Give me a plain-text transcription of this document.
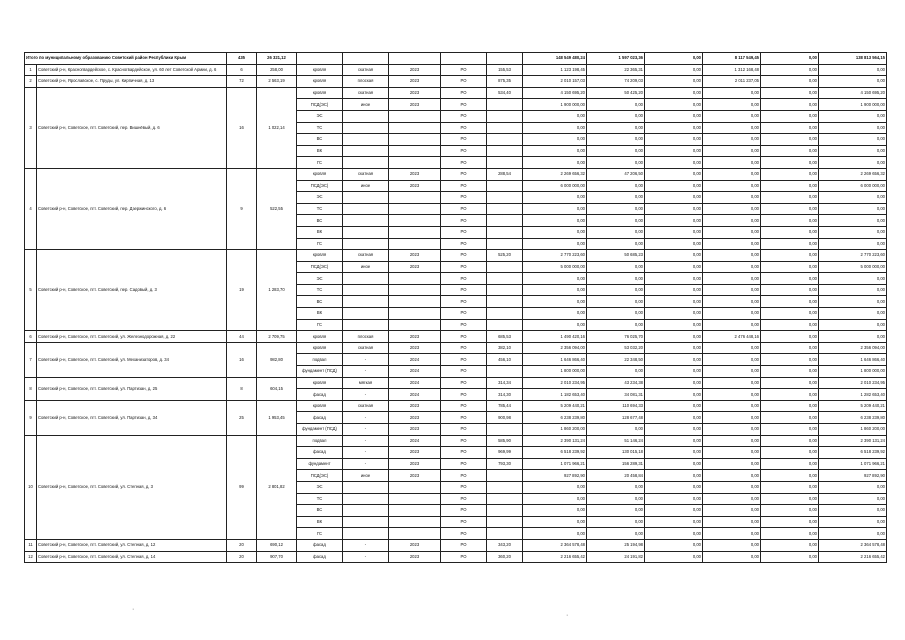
Итого по муниципальному образованию Советский район Республики Крым		435	26 321,12						148 549 480,24	1 597 023,36	0,00	8 117 549,45	0,00	138 813 564,15
1	Советский р-н, Красногвардейское, с. Красногвардейское, ул. 60 лет Советской Армии, д. 6	6	258,00	кровля	скатная	2023	РО	155,53	1 123 198,45	22 365,31	0,00	1 312 168,48	0,00	0,00
2	Советский р-н, Ярославское, с. Пруды, ул. Кирпичная, д. 13	72	2 563,19	кровля	плоская	2023	РО	875,35	2 010 157,03	74 209,03	0,00	2 011 237,05	0,00	0,00
3	Советский р-н, Советское, пгт. Советский, пер. Вишнёвый, д. 6	16	1 022,14	кровля	скатная	2023	РО	534,40	4 150 695,20	50 425,20	0,00	0,00	0,00	4 150 695,20
				ПСД(ЭС)	иное	2023	РО		1 900 000,00	0,00	0,00	0,00	0,00	1 900 000,00
				ЭС			РО		0,00	0,00	0,00	0,00	0,00	0,00
				ТС			РО		0,00	0,00	0,00	0,00	0,00	0,00
				ВС			РО		0,00	0,00	0,00	0,00	0,00	0,00
				ВК			РО		0,00	0,00	0,00	0,00	0,00	0,00
				ГС			РО		0,00	0,00	0,00	0,00	0,00	0,00
4	Советский р-н, Советское, пгт. Советский, пер. Дзержинского, д. 6	9	522,55	кровля	скатная	2023	РО	288,54	2 269 656,32	47 206,50	0,00	0,00	0,00	2 269 656,32
				ПСД(ЭС)	иное	2023	РО		6 000 000,00	0,00	0,00	0,00	0,00	6 000 000,00
				ЭС			РО		0,00	0,00	0,00	0,00	0,00	0,00
				ТС			РО		0,00	0,00	0,00	0,00	0,00	0,00
				ВС			РО		0,00	0,00	0,00	0,00	0,00	0,00
				ВК			РО		0,00	0,00	0,00	0,00	0,00	0,00
				ГС			РО		0,00	0,00	0,00	0,00	0,00	0,00
5	Советский р-н, Советское, пгт. Советский, пер. Садовый, д. 3	19	1 283,70	кровля	скатная	2023	РО	525,20	2 770 223,60	50 685,23	0,00	0,00	0,00	2 770 223,60
				ПСД(ЭС)	иное	2023	РО		5 000 000,00	0,00	0,00	0,00	0,00	5 000 000,00
				ЭС			РО		0,00	0,00	0,00	0,00	0,00	0,00
				ТС			РО		0,00	0,00	0,00	0,00	0,00	0,00
				ВС			РО		0,00	0,00	0,00	0,00	0,00	0,00
				ВК			РО		0,00	0,00	0,00	0,00	0,00	0,00
				ГС			РО		0,00	0,00	0,00	0,00	0,00	0,00
6	Советский р-н, Советское, пгт. Советский, ул. Железнодорожная, д. 22	44	2 709,75	кровля	плоская	2023	РО	685,53	1 490 420,16	76 025,70	0,00	2 476 448,16	0,00	0,00
7	Советский р-н, Советское, пгт. Советский, ул. Механизаторов, д. 34	16	982,80	кровля	скатная	2023	РО	382,10	2 356 094,00	53 032,20	0,00	0,00	0,00	2 356 094,00
				подвал	-	2024	РО	456,10	1 646 866,40	22 348,50	0,00	0,00	0,00	1 646 866,40
				фундамент (ПСД)	-	2024	РО		1 800 000,00	0,00	0,00	0,00	0,00	1 800 000,00
8	Советский р-н, Советское, пгт. Советский, ул. Партизан, д. 25	8	604,15	кровля	мягкая	2024	РО	314,34	2 010 234,95	43 234,38	0,00	0,00	0,00	2 010 234,95
				фасад	-	2024	РО	314,30	1 182 653,40	34 081,31	0,00	0,00	0,00	1 282 653,40
9	Советский р-н, Советское, пгт. Советский, ул. Партизан, д. 34	25	1 953,45	кровля	скатная	2023	РО	785,44	5 209 440,21	110 694,33	0,00	0,00	0,00	5 209 440,21
				фасад	-	2023	РО	900,98	6 238 239,80	128 677,48	0,00	0,00	0,00	6 238 239,80
				фундамент (ПСД)	-	2023	РО		1 860 200,00	0,00	0,00	0,00	0,00	1 860 200,00
10	Советский р-н, Советское, пгт. Советский, ул. Степная, д. 3	99	2 801,82	подвал	-	2024	РО	585,90	2 390 131,24	51 146,24	0,00	0,00	0,00	2 390 131,24
				фасад	-	2023	РО	969,99	6 518 239,92	130 015,18	0,00	0,00	0,00	6 518 239,92
				фундамент	-	2023	РО	793,30	1 071 966,21	156 289,31	0,00	0,00	0,00	1 071 966,21
				ПСД(ЭС)	иное	2023	РО		927 892,90	20 458,84	0,00	0,00	0,00	927 892,90
				ЭС			РО		0,00	0,00	0,00	0,00	0,00	0,00
				ТС			РО		0,00	0,00	0,00	0,00	0,00	0,00
				ВС			РО		0,00	0,00	0,00	0,00	0,00	0,00
				ВК			РО		0,00	0,00	0,00	0,00	0,00	0,00
				ГС			РО		0,00	0,00	0,00	0,00	0,00	0,00
11	Советский р-н, Советское, пгт. Советский, ул. Степная, д. 12	20	690,12	фасад	-	2023	РО	343,20	2 364 578,48	25 194,98	0,00	0,00	0,00	2 364 578,48
12	Советский р-н, Советское, пгт. Советский, ул. Степная, д. 14	20	907,70	фасад	-	2023	РО	360,20	2 216 655,42	24 191,82	0,00	0,00	0,00	2 216 655,42
·
·
